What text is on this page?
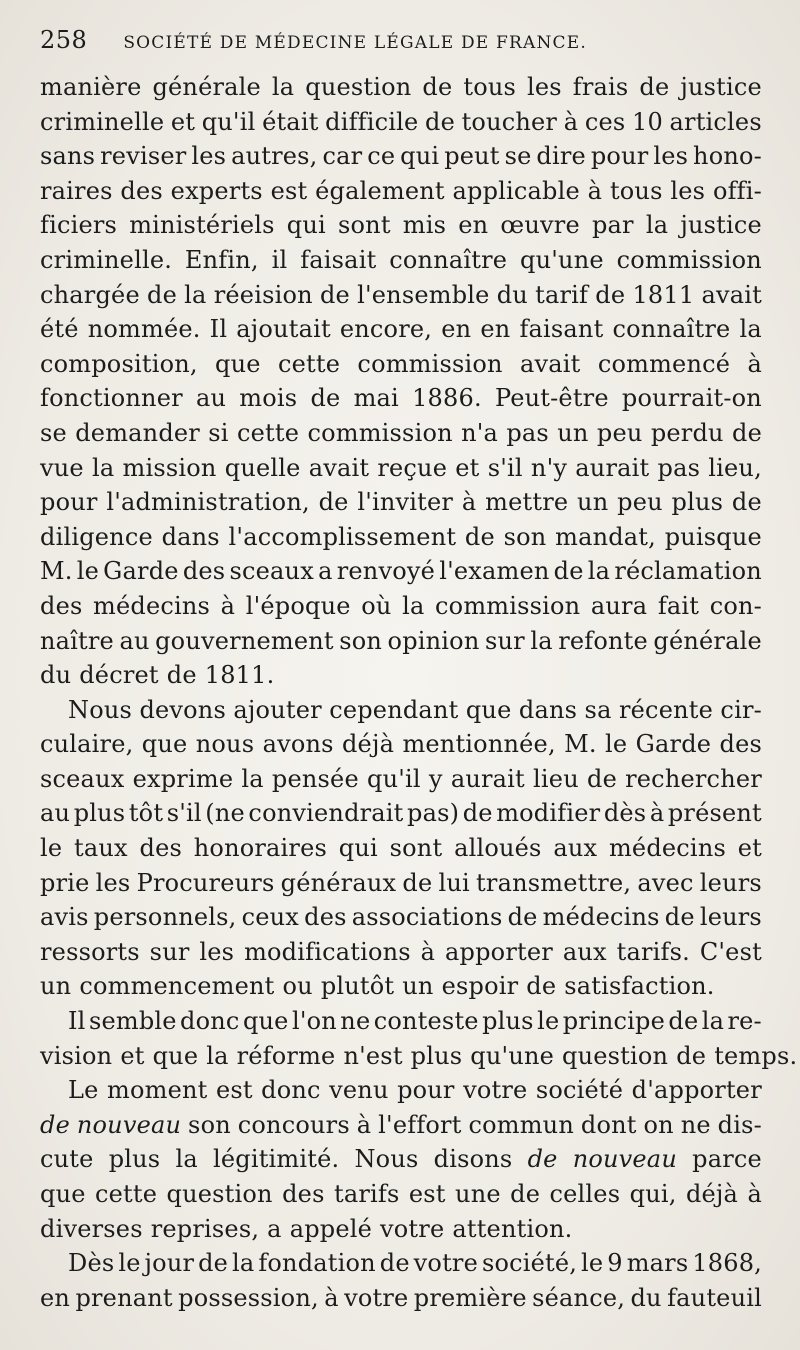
258 SOCIÉTÉ DE MÉDECINE LÉGALE DE FRANCE.
manière générale la question de tous les frais de justice
criminelle et qu'il était difficile de toucher à ces 10 articles
sans reviser les autres, car ce qui peut se dire pour les hono-
raires des experts est également applicable à tous les offi-
ficiers ministériels qui sont mis en œuvre par la justice
criminelle. Enfin, il faisait connaître qu'une commission
chargée de la réeision de l'ensemble du tarif de 1811 avait
été nommée. Il ajoutait encore, en en faisant connaître la
composition, que cette commission avait commencé à
fonctionner au mois de mai 1886. Peut-être pourrait-on
se demander si cette commission n'a pas un peu perdu de
vue la mission quelle avait reçue et s'il n'y aurait pas lieu,
pour l'administration, de l'inviter à mettre un peu plus de
diligence dans l'accomplissement de son mandat, puisque
M. le Garde des sceaux a renvoyé l'examen de la réclamation
des médecins à l'époque où la commission aura fait con-
naître au gouvernement son opinion sur la refonte générale
du décret de 1811.
Nous devons ajouter cependant que dans sa récente cir-
culaire, que nous avons déjà mentionnée, M. le Garde des
sceaux exprime la pensée qu'il y aurait lieu de rechercher
au plus tôt s'il (ne conviendrait pas) de modifier dès à présent
le taux des honoraires qui sont alloués aux médecins et
prie les Procureurs généraux de lui transmettre, avec leurs
avis personnels, ceux des associations de médecins de leurs
ressorts sur les modifications à apporter aux tarifs. C'est
un commencement ou plutôt un espoir de satisfaction.
Il semble donc que l'on ne conteste plus le principe de la re-
vision et que la réforme n'est plus qu'une question de temps.
Le moment est donc venu pour votre société d'apporter
de nouveau son concours à l'effort commun dont on ne dis-
cute plus la légitimité. Nous disons de nouveau parce
que cette question des tarifs est une de celles qui, déjà à
diverses reprises, a appelé votre attention.
Dès le jour de la fondation de votre société, le 9 mars 1868,
en prenant possession, à votre première séance, du fauteuil
